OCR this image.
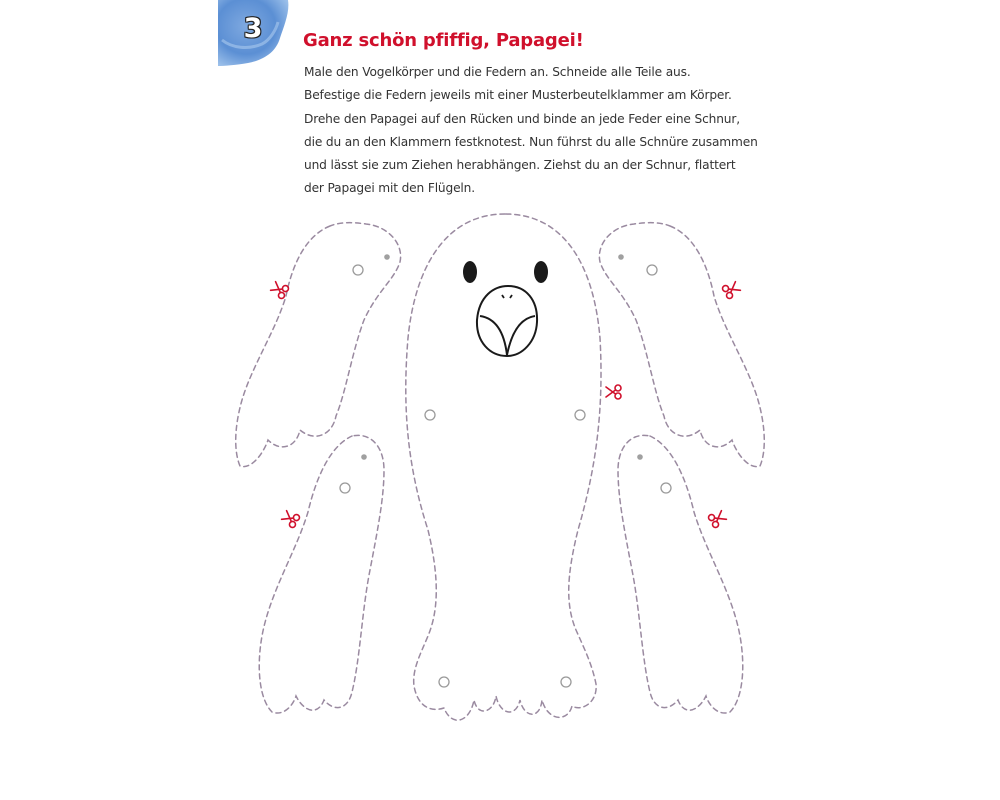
3	Ganz schön pfiffig, Papagei!
Male den Vogelkörper und die Federn an. Schneide alle Teile aus.
Befestige die Federn jeweils mit einer Musterbeutelklammer am Körper.
Drehe den Papagei auf den Rücken und binde an jede Feder eine Schnur,
die du an den Klammern festknotest. Nun führst du alle Schnüre zusammen
und lässt sie zum Ziehen herabhängen. Ziehst du an der Schnur, flattert
der Papagei mit den Flügeln.
